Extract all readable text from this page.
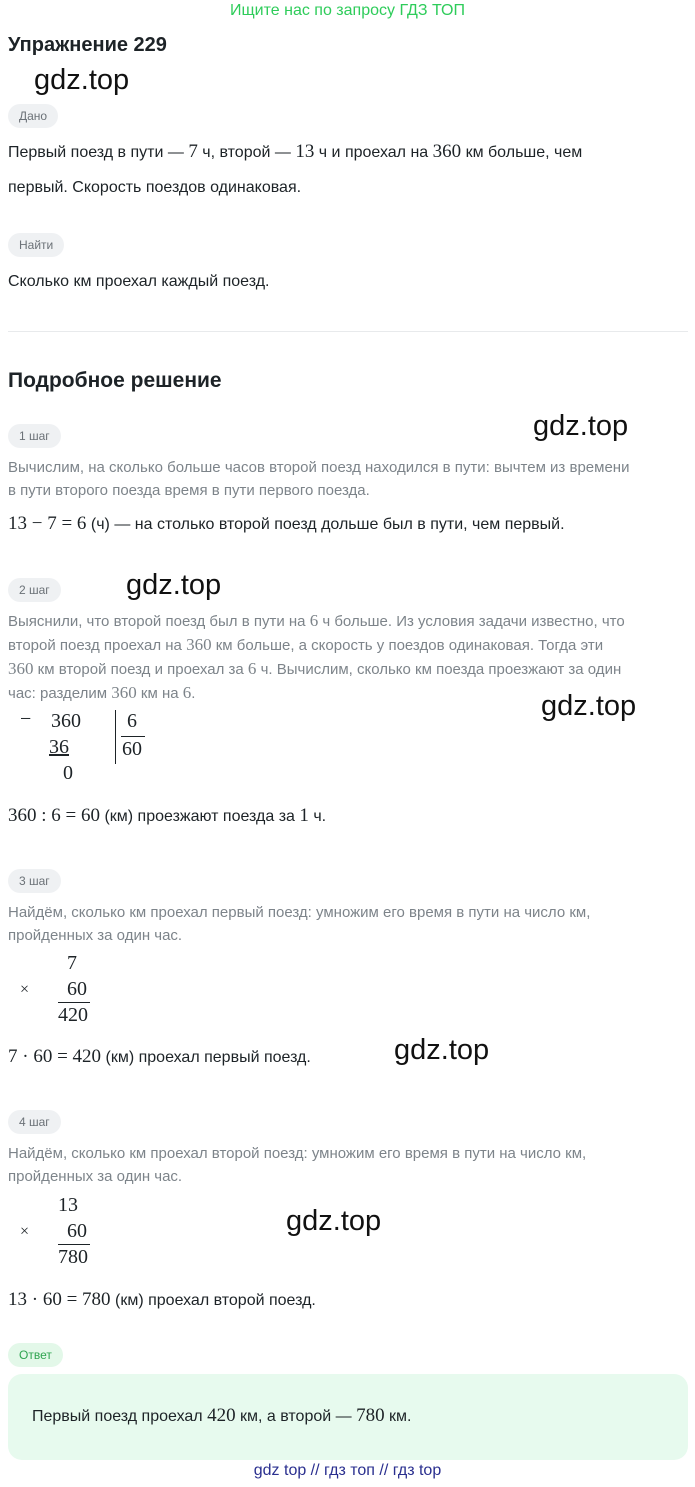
Ищите нас по запросу ГДЗ ТОП
Упражнение 229
gdz.top
Дано
Первый поезд в пути — 7 ч, второй — 13 ч и проехал на 360 км больше, чем
первый. Скорость поездов одинаковая.
Найти
Сколько км проехал каждый поезд.
Подробное решение
1 шаг	gdz.top
Вычислим, на сколько больше часов второй поезд находился в пути: вычтем из времени
в пути второго поезда время в пути первого поезда.
13 − 7 = 6 (ч) — на столько второй поезд дольше был в пути, чем первый.
2 шаг	gdz.top
Выяснили, что второй поезд был в пути на 6 ч больше. Из условия задачи известно, что
второй поезд проехал на 360 км больше, а скорость у поездов одинаковая. Тогда эти
360 км второй поезд и проехал за 6 ч. Вычислим, сколько км поезда проезжают за один
час: разделим 360 км на 6.	gdz.top
− 360
36
0
6
60
360 : 6 = 60 (км) проезжают поезда за 1 ч.
3 шаг
Найдём, сколько км проехал первый поезд: умножим его время в пути на число км,
пройденных за один час.
7
× 60
420
7 · 60 = 420 (км) проехал первый поезд.	gdz.top
4 шаг
Найдём, сколько км проехал второй поезд: умножим его время в пути на число км,
пройденных за один час.
13
× 60
780
gdz.top
13 · 60 = 780 (км) проехал второй поезд.
Ответ
Первый поезд проехал 420 км, а второй — 780 км.
gdz top // гдз топ // гдз top
